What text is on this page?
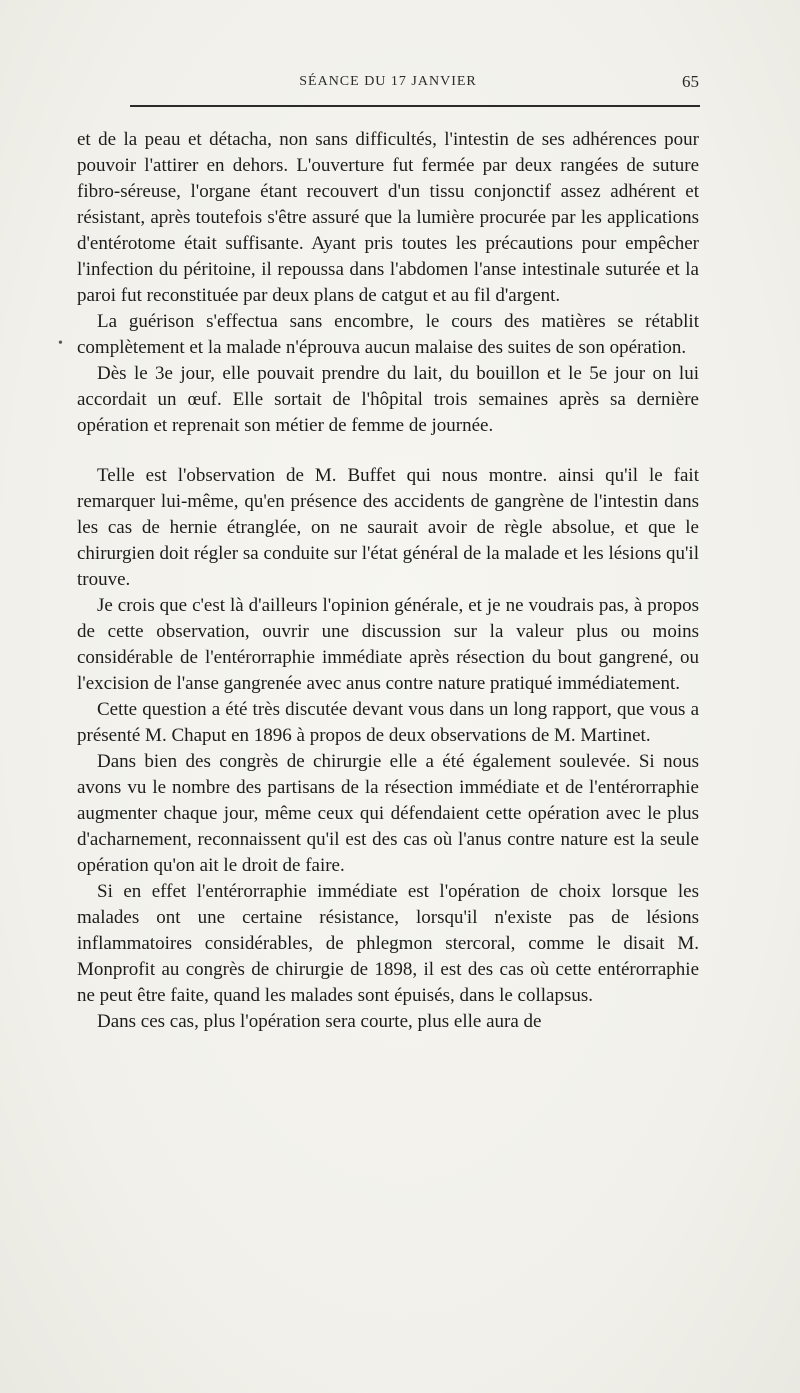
SÉANCE DU 17 JANVIER	65

et de la peau et détacha, non sans difficultés, l'intestin de ses adhérences pour pouvoir l'attirer en dehors. L'ouverture fut fermée par deux rangées de suture fibro-séreuse, l'organe étant recouvert d'un tissu conjonctif assez adhérent et résistant, après toutefois s'être assuré que la lumière procurée par les applications d'entérotome était suffisante. Ayant pris toutes les précautions pour empêcher l'infection du péritoine, il repoussa dans l'abdomen l'anse intestinale suturée et la paroi fut reconstituée par deux plans de catgut et au fil d'argent.

La guérison s'effectua sans encombre, le cours des matières se rétablit complètement et la malade n'éprouva aucun malaise des suites de son opération.

Dès le 3e jour, elle pouvait prendre du lait, du bouillon et le 5e jour on lui accordait un œuf. Elle sortait de l'hôpital trois semaines après sa dernière opération et reprenait son métier de femme de journée.

Telle est l'observation de M. Buffet qui nous montre. ainsi qu'il le fait remarquer lui-même, qu'en présence des accidents de gangrène de l'intestin dans les cas de hernie étranglée, on ne saurait avoir de règle absolue, et que le chirurgien doit régler sa conduite sur l'état général de la malade et les lésions qu'il trouve.

Je crois que c'est là d'ailleurs l'opinion générale, et je ne voudrais pas, à propos de cette observation, ouvrir une discussion sur la valeur plus ou moins considérable de l'entérorraphie immédiate après résection du bout gangrené, ou l'excision de l'anse gangrenée avec anus contre nature pratiqué immédiatement.

Cette question a été très discutée devant vous dans un long rapport, que vous a présenté M. Chaput en 1896 à propos de deux observations de M. Martinet.

Dans bien des congrès de chirurgie elle a été également soulevée. Si nous avons vu le nombre des partisans de la résection immédiate et de l'entérorraphie augmenter chaque jour, même ceux qui défendaient cette opération avec le plus d'acharnement, reconnaissent qu'il est des cas où l'anus contre nature est la seule opération qu'on ait le droit de faire.

Si en effet l'entérorraphie immédiate est l'opération de choix lorsque les malades ont une certaine résistance, lorsqu'il n'existe pas de lésions inflammatoires considérables, de phlegmon stercoral, comme le disait M. Monprofit au congrès de chirurgie de 1898, il est des cas où cette entérorraphie ne peut être faite, quand les malades sont épuisés, dans le collapsus.

Dans ces cas, plus l'opération sera courte, plus elle aura de

•
